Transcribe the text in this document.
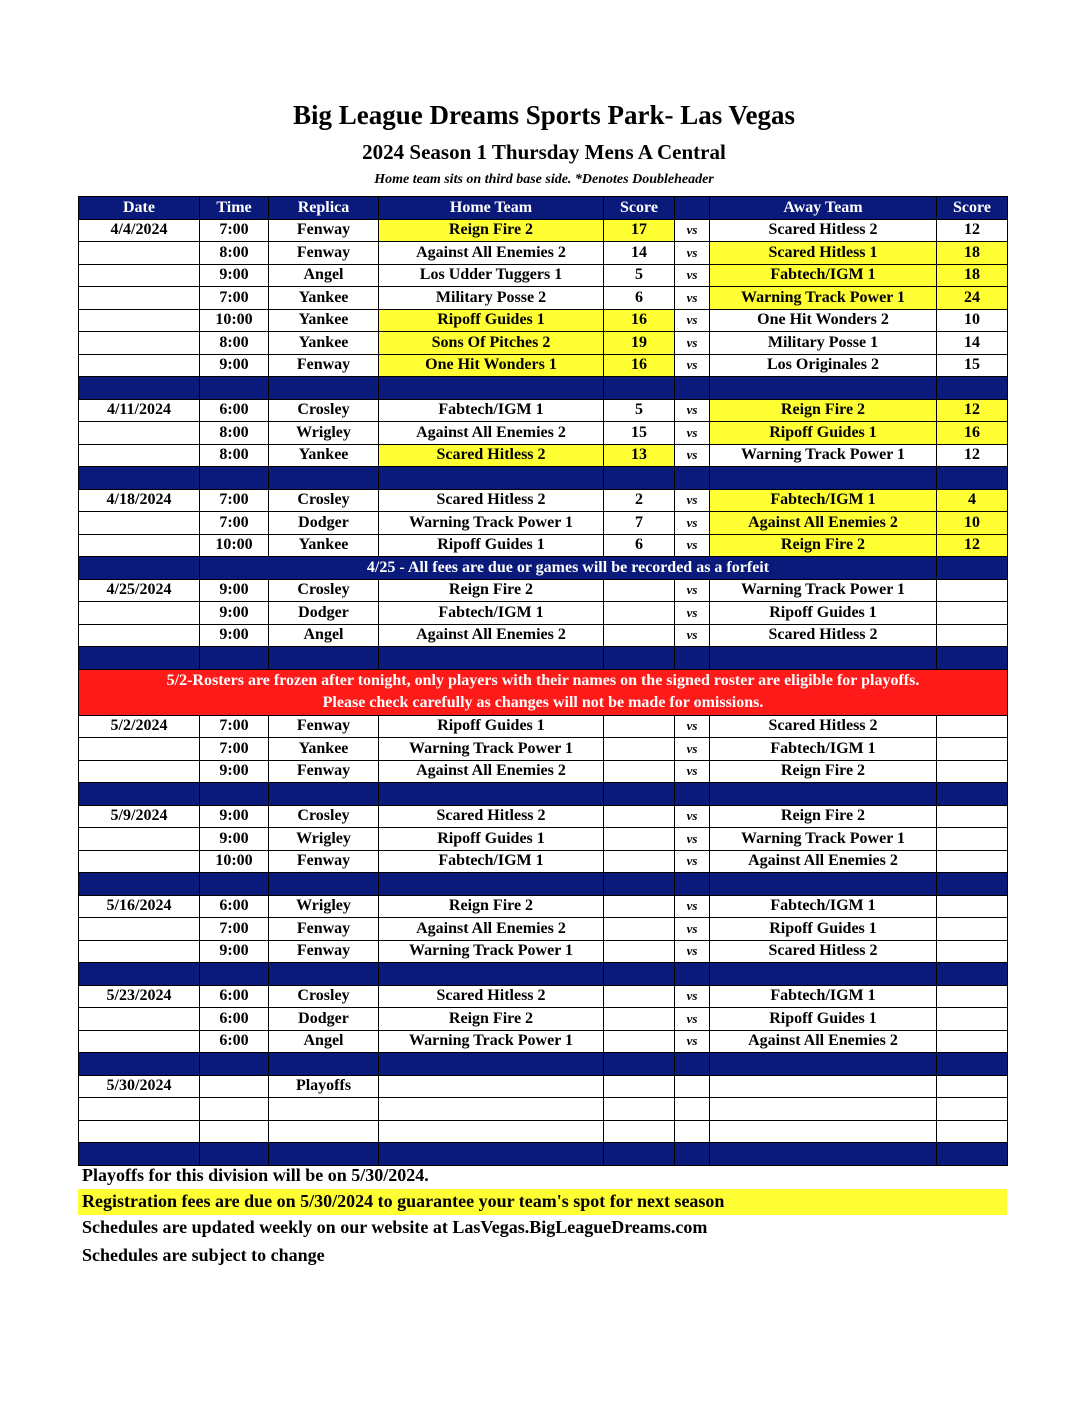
Big League Dreams Sports Park- Las Vegas
2024 Season 1 Thursday Mens A Central
Home team sits on third base side. *Denotes Doubleheader
Date	Time	Replica	Home Team	Score		Away Team	Score
4/4/2024	7:00	Fenway	Reign Fire 2	17	vs	Scared Hitless 2	12
	8:00	Fenway	Against All Enemies 2	14	vs	Scared Hitless 1	18
	9:00	Angel	Los Udder Tuggers 1	5	vs	Fabtech/IGM 1	18
	7:00	Yankee	Military Posse 2	6	vs	Warning Track Power 1	24
	10:00	Yankee	Ripoff Guides 1	16	vs	One Hit Wonders 2	10
	8:00	Yankee	Sons Of Pitches 2	19	vs	Military Posse 1	14
	9:00	Fenway	One Hit Wonders 1	16	vs	Los Originales 2	15

4/11/2024	6:00	Crosley	Fabtech/IGM 1	5	vs	Reign Fire 2	12
	8:00	Wrigley	Against All Enemies 2	15	vs	Ripoff Guides 1	16
	8:00	Yankee	Scared Hitless 2	13	vs	Warning Track Power 1	12

4/18/2024	7:00	Crosley	Scared Hitless 2	2	vs	Fabtech/IGM 1	4
	7:00	Dodger	Warning Track Power 1	7	vs	Against All Enemies 2	10
	10:00	Yankee	Ripoff Guides 1	6	vs	Reign Fire 2	12
	4/25 - All fees are due or games will be recorded as a forfeit						
4/25/2024	9:00	Crosley	Reign Fire 2		vs	Warning Track Power 1	
	9:00	Dodger	Fabtech/IGM 1		vs	Ripoff Guides 1	
	9:00	Angel	Against All Enemies 2		vs	Scared Hitless 2	

5/2-Rosters are frozen after tonight, only players with their names on the signed roster are eligible for playoffs.
Please check carefully as changes will not be made for omissions.							

5/2/2024	7:00	Fenway	Ripoff Guides 1		vs	Scared Hitless 2	
	7:00	Yankee	Warning Track Power 1		vs	Fabtech/IGM 1	
	9:00	Fenway	Against All Enemies 2		vs	Reign Fire 2	

5/9/2024	9:00	Crosley	Scared Hitless 2		vs	Reign Fire 2	
	9:00	Wrigley	Ripoff Guides 1		vs	Warning Track Power 1	
	10:00	Fenway	Fabtech/IGM 1		vs	Against All Enemies 2	

5/16/2024	6:00	Wrigley	Reign Fire 2		vs	Fabtech/IGM 1	
	7:00	Fenway	Against All Enemies 2		vs	Ripoff Guides 1	
	9:00	Fenway	Warning Track Power 1		vs	Scared Hitless 2	

5/23/2024	6:00	Crosley	Scared Hitless 2		vs	Fabtech/IGM 1	
	6:00	Dodger	Reign Fire 2		vs	Ripoff Guides 1	
	6:00	Angel	Warning Track Power 1		vs	Against All Enemies 2	

5/30/2024		Playoffs					

Playoffs for this division will be on 5/30/2024.
Registration fees are due on 5/30/2024 to guarantee your team's spot for next season
Schedules are updated weekly on our website at LasVegas.BigLeagueDreams.com
Schedules are subject to change
